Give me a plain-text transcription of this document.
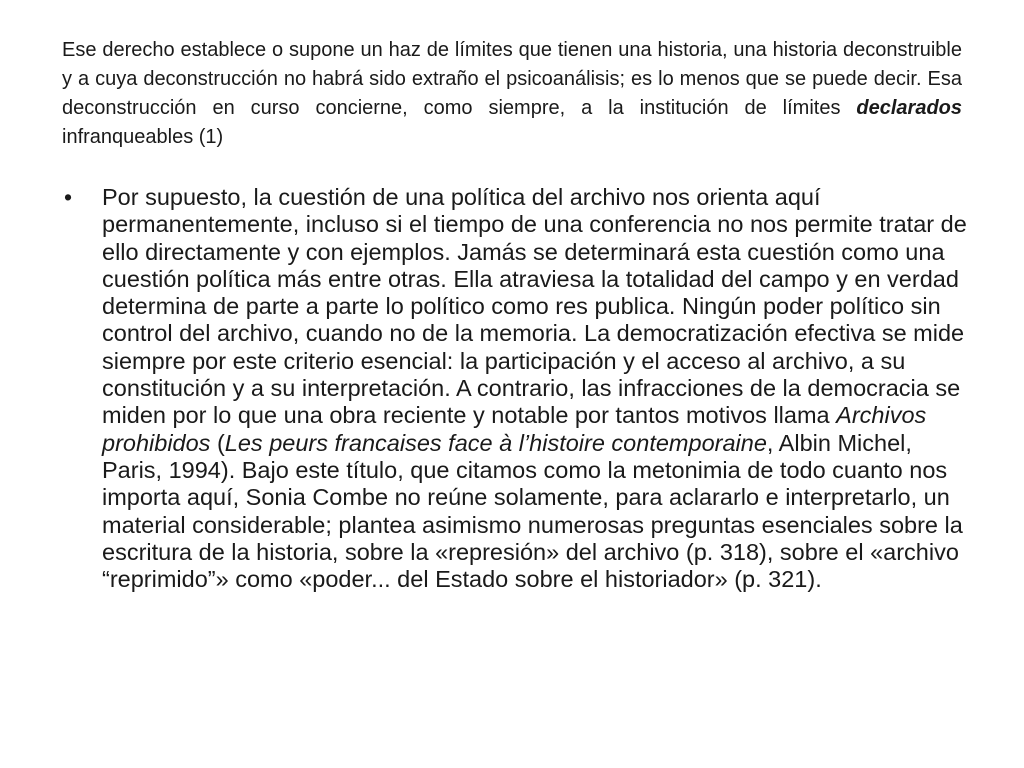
Ese derecho establece o supone un haz de límites que tienen una historia, una historia deconstruible y a cuya deconstrucción no habrá sido extraño el psicoanálisis; es lo menos que se puede decir. Esa deconstrucción en curso concierne, como siempre, a la institución de límites declarados infranqueables (1)

• Por supuesto, la cuestión de una política del archivo nos orienta aquí permanentemente, incluso si el tiempo de una conferencia no nos permite tratar de ello directamente y con ejemplos. Jamás se determinará esta cuestión como una cuestión política más entre otras. Ella atraviesa la totalidad del campo y en verdad determina de parte a parte lo político como res publica. Ningún poder político sin control del archivo, cuando no de la memoria. La democratización efectiva se mide siempre por este criterio esencial: la participación y el acceso al archivo, a su constitución y a su interpretación. A contrario, las infracciones de la democracia se miden por lo que una obra reciente y notable por tantos motivos llama Archivos prohibidos (Les peurs francaises face à l’histoire contemporaine, Albin Michel, Paris, 1994). Bajo este título, que citamos como la metonimia de todo cuanto nos importa aquí, Sonia Combe no reúne solamente, para aclararlo e interpretarlo, un material considerable; plantea asimismo numerosas preguntas esenciales sobre la escritura de la historia, sobre la «represión» del archivo (p. 318), sobre el «archivo “reprimido”» como «poder... del Estado sobre el historiador» (p. 321).
